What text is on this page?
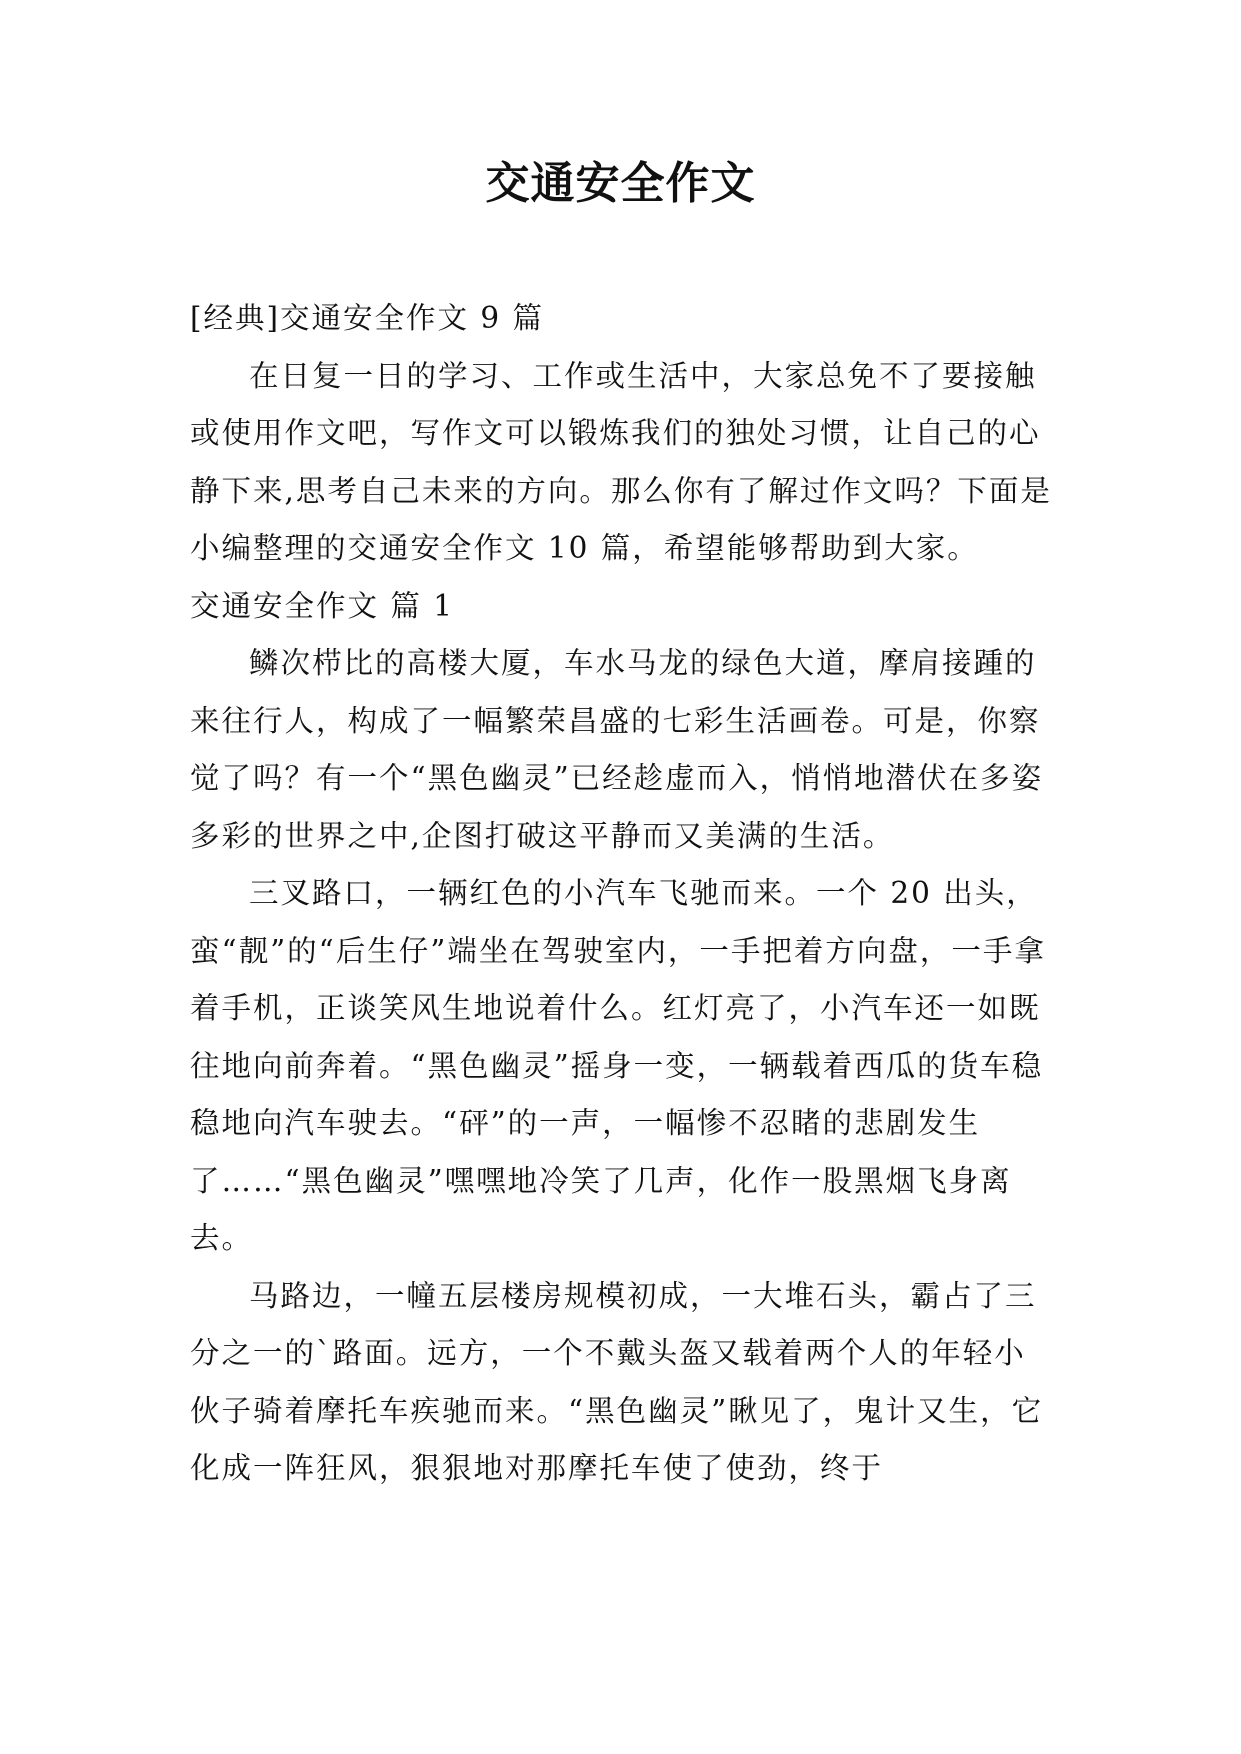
交通安全作文

[经典]交通安全作文 9 篇

在日复一日的学习、工作或生活中，大家总免不了要接触或使用作文吧，写作文可以锻炼我们的独处习惯，让自己的心静下来,思考自己未来的方向。那么你有了解过作文吗？下面是小编整理的交通安全作文 10 篇，希望能够帮助到大家。

交通安全作文 篇 1

鳞次栉比的高楼大厦，车水马龙的绿色大道，摩肩接踵的来往行人，构成了一幅繁荣昌盛的七彩生活画卷。可是，你察觉了吗？有一个“黑色幽灵”已经趁虚而入，悄悄地潜伏在多姿多彩的世界之中,企图打破这平静而又美满的生活。

三叉路口，一辆红色的小汽车飞驰而来。一个 20 出头，蛮“靓”的“后生仔”端坐在驾驶室内，一手把着方向盘，一手拿着手机，正谈笑风生地说着什么。红灯亮了，小汽车还一如既往地向前奔着。“黑色幽灵”摇身一变，一辆载着西瓜的货车稳稳地向汽车驶去。“砰”的一声，一幅惨不忍睹的悲剧发生了……“黑色幽灵”嘿嘿地冷笑了几声，化作一股黑烟飞身离去。

马路边，一幢五层楼房规模初成，一大堆石头，霸占了三分之一的`路面。远方，一个不戴头盔又载着两个人的年轻小伙子骑着摩托车疾驰而来。“黑色幽灵”瞅见了，鬼计又生，它化成一阵狂风，狠狠地对那摩托车使了使劲，终于
